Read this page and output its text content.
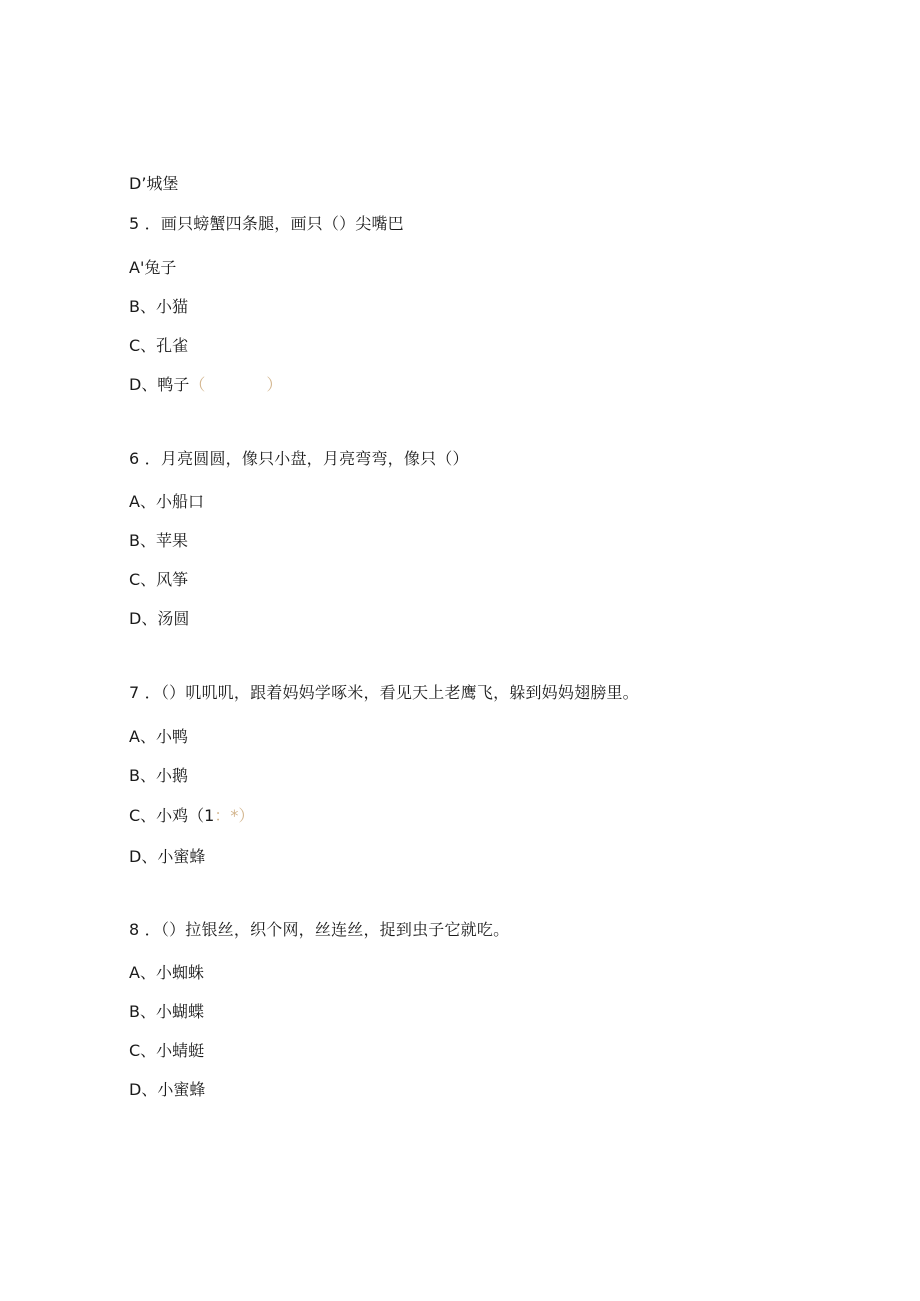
D’城堡
5 ．画只螃蟹四条腿，画只（）尖嘴巴
A'兔子
B、小猫
C、孔雀
D、鸭子（            ）
6 ．月亮圆圆，像只小盘，月亮弯弯，像只（）
A、小船口
B、苹果
C、风筝
D、汤圆
7 ．（）叽叽叽，跟着妈妈学啄米，看见天上老鹰飞，躲到妈妈翅膀里。
A、小鸭
B、小鹅
C、小鸡（1：*）
D、小蜜蜂
8 ．（）拉银丝，织个网，丝连丝，捉到虫子它就吃。
A、小蜘蛛
B、小蝴蝶
C、小蜻蜓
D、小蜜蜂
